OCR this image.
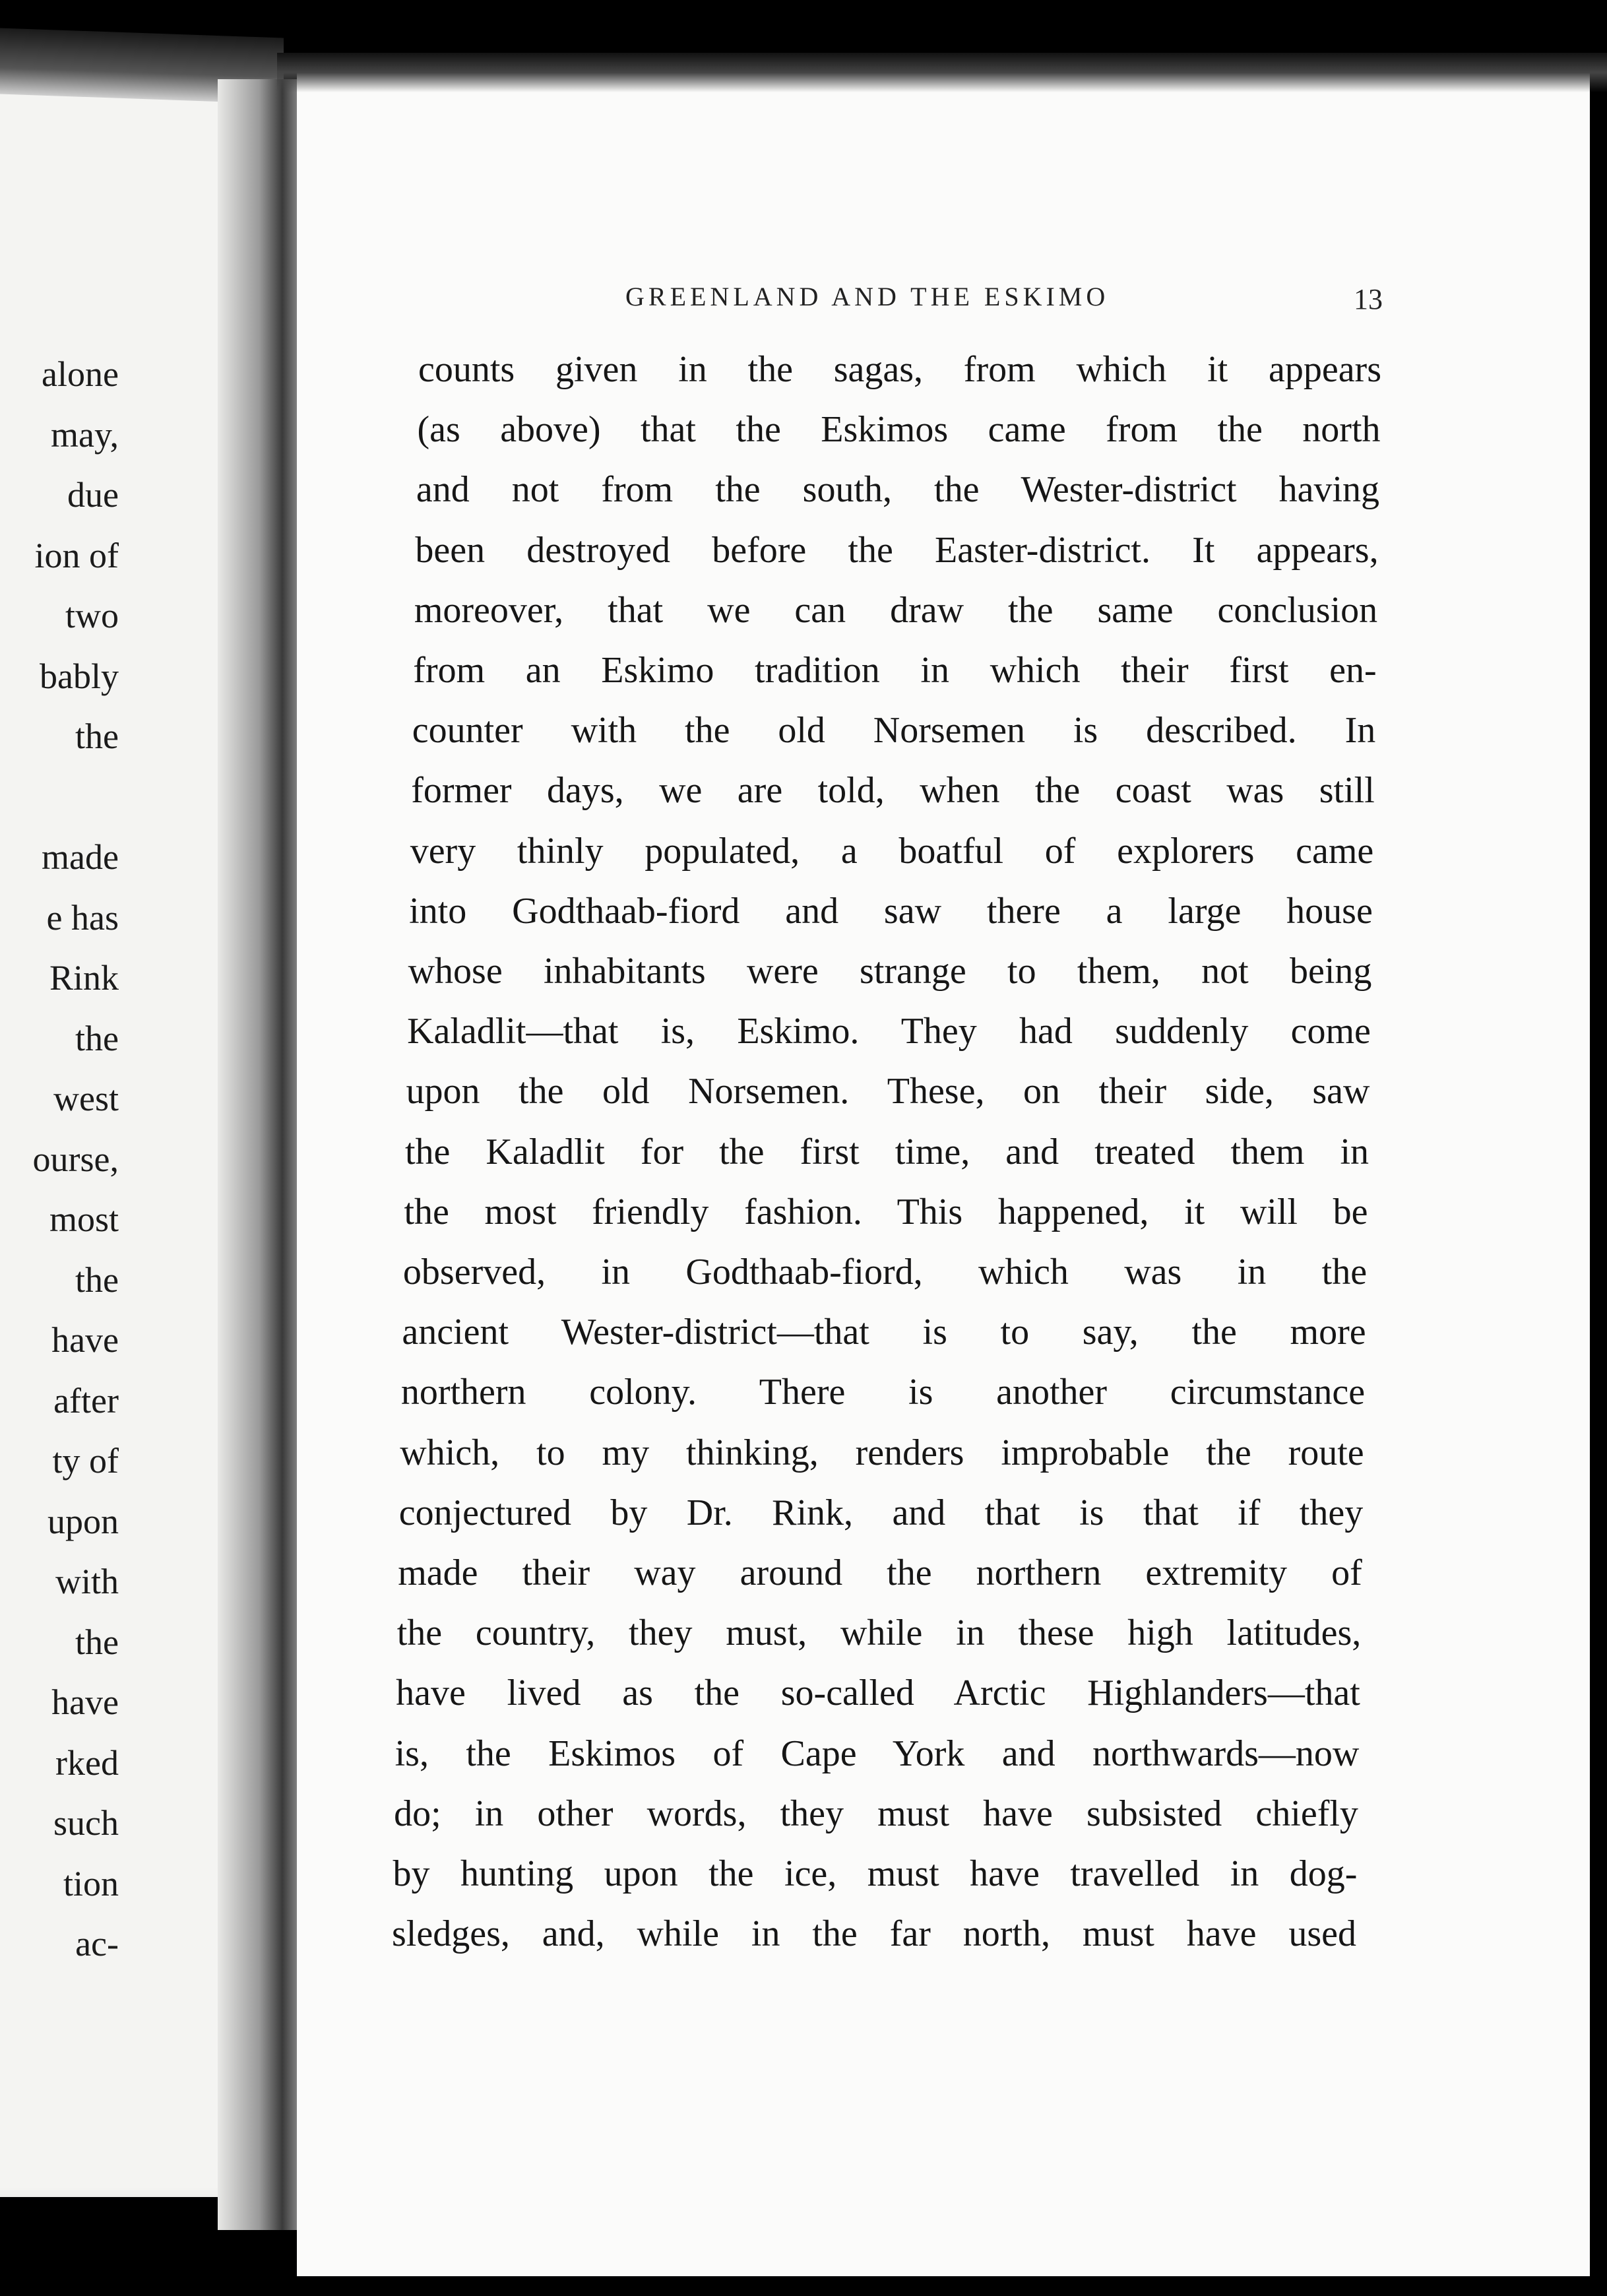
alone
may,
due
ion of
two
bably
the
made
e has
Rink
the
west
ourse,
most
the
have
after
ty of
upon
with
the
have
rked
such
tion
ac-
GREENLAND AND THE ESKIMO	13
counts given in the sagas, from which it appears
(as above) that the Eskimos came from the north
and not from the south, the Wester-district having
been destroyed before the Easter-district. It appears,
moreover, that we can draw the same conclusion
from an Eskimo tradition in which their first en-
counter with the old Norsemen is described. In
former days, we are told, when the coast was still
very thinly populated, a boatful of explorers came
into Godthaab-fiord and saw there a large house
whose inhabitants were strange to them, not being
Kaladlit—that is, Eskimo. They had suddenly come
upon the old Norsemen. These, on their side, saw
the Kaladlit for the first time, and treated them in
the most friendly fashion. This happened, it will be
observed, in Godthaab-fiord, which was in the
ancient Wester-district—that is to say, the more
northern colony. There is another circumstance
which, to my thinking, renders improbable the route
conjectured by Dr. Rink, and that is that if they
made their way around the northern extremity of
the country, they must, while in these high latitudes,
have lived as the so-called Arctic Highlanders—that
is, the Eskimos of Cape York and northwards—now
do; in other words, they must have subsisted chiefly
by hunting upon the ice, must have travelled in dog-
sledges, and, while in the far north, must have used
